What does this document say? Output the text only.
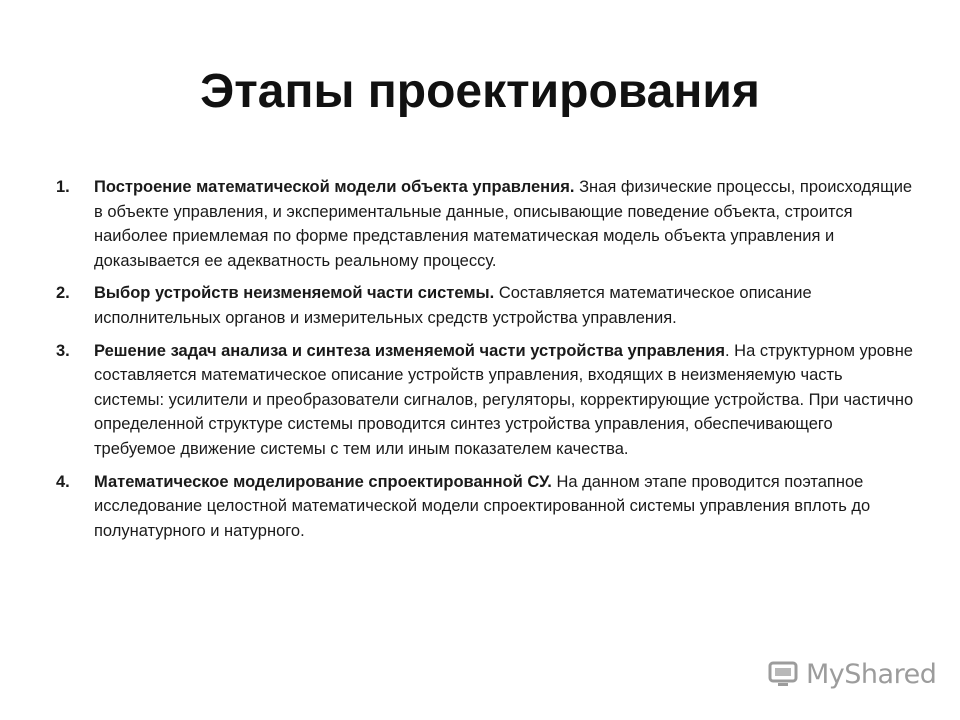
Этапы проектирования
1. Построение математической модели объекта управления. Зная физические процессы, происходящие в объекте управления, и экспериментальные данные, описывающие поведение объекта, строится наиболее приемлемая по форме представления математическая модель объекта управления и доказывается ее адекватность реальному процессу.
2. Выбор устройств неизменяемой части системы. Составляется математическое описание исполнительных органов и измерительных средств устройства управления.
3. Решение задач анализа и синтеза изменяемой части устройства управления. На структурном уровне составляется математическое описание устройств управления, входящих в неизменяемую часть системы: усилители и преобразователи сигналов, регуляторы, корректирующие устройства. При частично определенной структуре системы проводится синтез устройства управления, обеспечивающего требуемое движение системы с тем или иным показателем качества.
4. Математическое моделирование спроектированной СУ. На данном этапе проводится поэтапное исследование целостной математической модели спроектированной системы управления вплоть до полунатурного и натурного.
MyShared
